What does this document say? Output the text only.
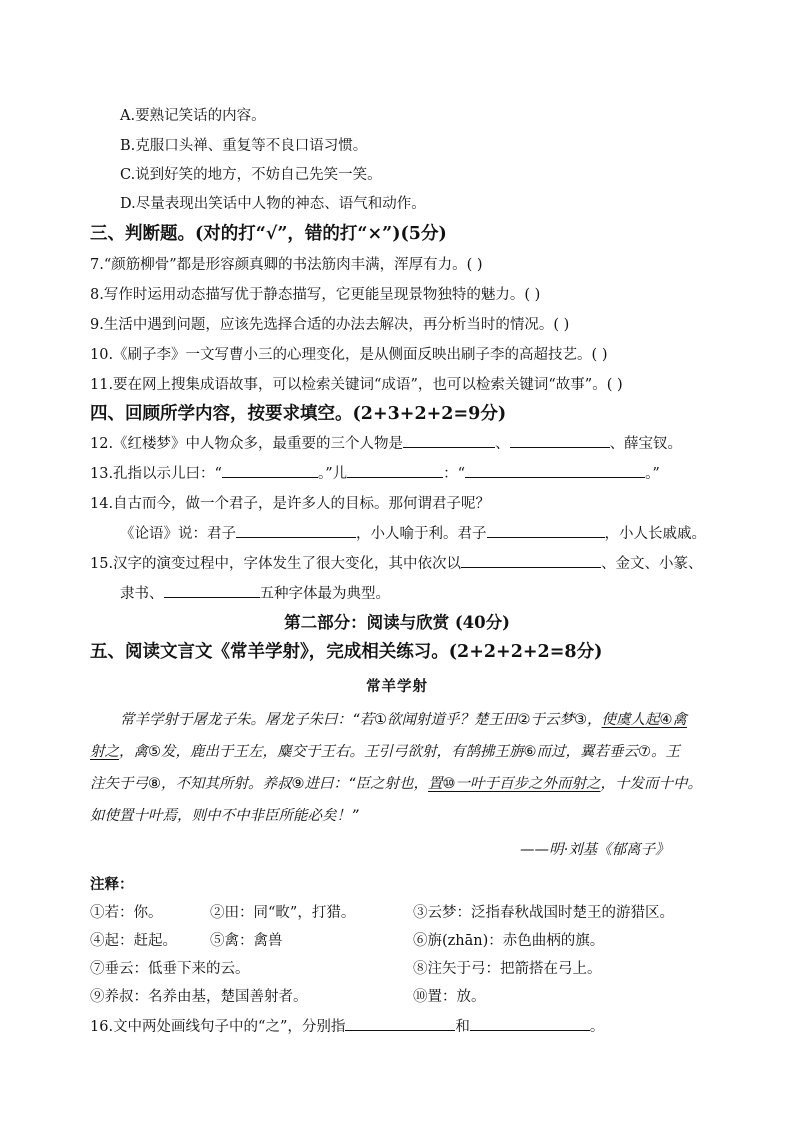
A.要熟记笑话的内容。
B.克服口头禅、重复等不良口语习惯。
C.说到好笑的地方，不妨自己先笑一笑。
D.尽量表现出笑话中人物的神态、语气和动作。
三、判断题。(对的打“√”，错的打“×”)(5分)
7.“颜筋柳骨”都是形容颜真卿的书法筋肉丰满，浑厚有力。( )
8.写作时运用动态描写优于静态描写，它更能呈现景物独特的魅力。( )
9.生活中遇到问题，应该先选择合适的办法去解决，再分析当时的情况。( )
10.《刷子李》一文写曹小三的心理变化，是从侧面反映出刷子李的高超技艺。( )
11.要在网上搜集成语故事，可以检索关键词“成语”，也可以检索关键词“故事”。( )
四、回顾所学内容，按要求填空。(2+3+2+2=9分)
12.《红楼梦》中人物众多，最重要的三个人物是	、	、薛宝钗。
13.孔指以示儿曰：“	。”儿	：“	。”
14.自古而今，做一个君子，是许多人的目标。那何谓君子呢？
《论语》说：君子	，小人喻于利。君子	，小人长戚戚。
15.汉字的演变过程中，字体发生了很大变化，其中依次以	、金文、小篆、
隶书、	五种字体最为典型。
第二部分：阅读与欣赏 (40分)
五、阅读文言文《常羊学射》，完成相关练习。(2+2+2+2=8分)
常羊学射
常羊学射于屠龙子朱。屠龙子朱曰：“若①欲闻射道乎？楚王田②于云梦③，使虞人起④禽
射之，禽⑤发，鹿出于王左，麋交于王右。王引弓欲射，有鹄拂王旃⑥而过，翼若垂云⑦。王
注矢于弓⑧，不知其所射。养叔⑨进曰：“臣之射也，置⑩一叶于百步之外而射之，十发而十中。
如使置十叶焉，则中不中非臣所能必矣！”
——明·刘基《郁离子》
注释：
①若：你。	②田：同“畋”，打猎。	③云梦：泛指春秋战国时楚王的游猎区。
④起：赶起。 ⑤禽：禽兽	⑥旃(zhān)：赤色曲柄的旗。
⑦垂云：低垂下来的云。	⑧注矢于弓：把箭搭在弓上。
⑨养叔：名养由基，楚国善射者。	⑩置：放。
16.文中两处画线句子中的“之”，分别指	和	。
